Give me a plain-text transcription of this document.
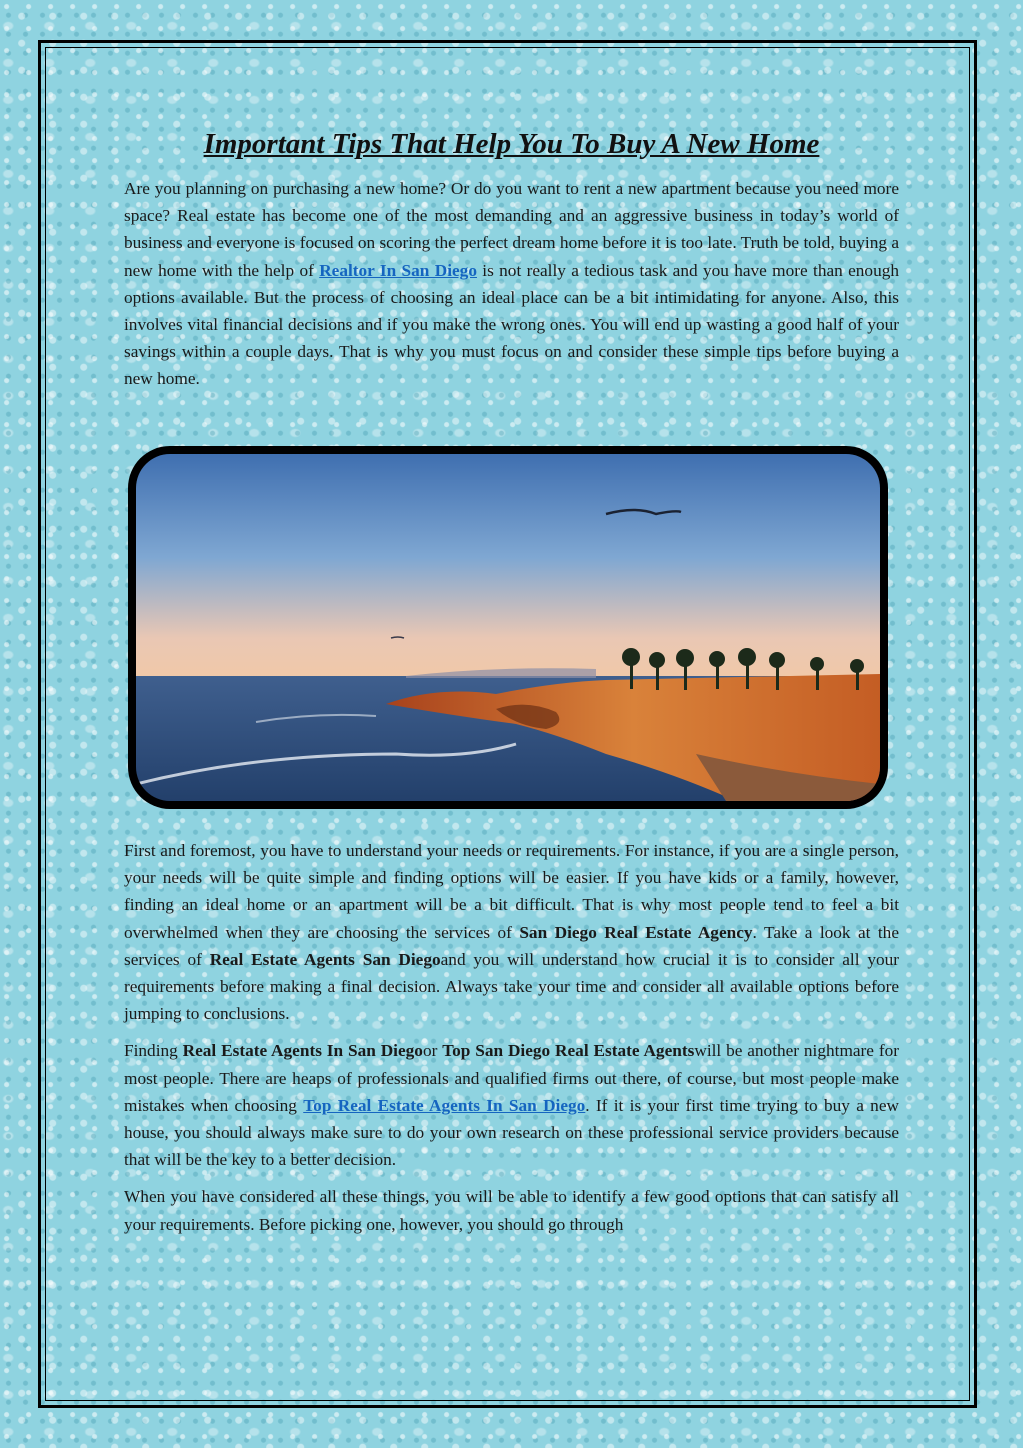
Important Tips That Help You To Buy A New Home

Are you planning on purchasing a new home? Or do you want to rent a new apartment because you need more space? Real estate has become one of the most demanding and an aggressive business in today’s world of business and everyone is focused on scoring the perfect dream home before it is too late. Truth be told, buying a new home with the help of Realtor In San Diego is not really a tedious task and you have more than enough options available. But the process of choosing an ideal place can be a bit intimidating for anyone. Also, this involves vital financial decisions and if you make the wrong ones. You will end up wasting a good half of your savings within a couple days. That is why you must focus on and consider these simple tips before buying a new home.

First and foremost, you have to understand your needs or requirements. For instance, if you are a single person, your needs will be quite simple and finding options will be easier. If you have kids or a family, however, finding an ideal home or an apartment will be a bit difficult. That is why most people tend to feel a bit overwhelmed when they are choosing the services of San Diego Real Estate Agency. Take a look at the services of Real Estate Agents San Diegoand you will understand how crucial it is to consider all your requirements before making a final decision. Always take your time and consider all available options before jumping to conclusions.

Finding Real Estate Agents In San Diegoor Top San Diego Real Estate Agentswill be another nightmare for most people. There are heaps of professionals and qualified firms out there, of course, but most people make mistakes when choosing Top Real Estate Agents In San Diego. If it is your first time trying to buy a new house, you should always make sure to do your own research on these professional service providers because that will be the key to a better decision.

When you have considered all these things, you will be able to identify a few good options that can satisfy all your requirements. Before picking one, however, you should go through
